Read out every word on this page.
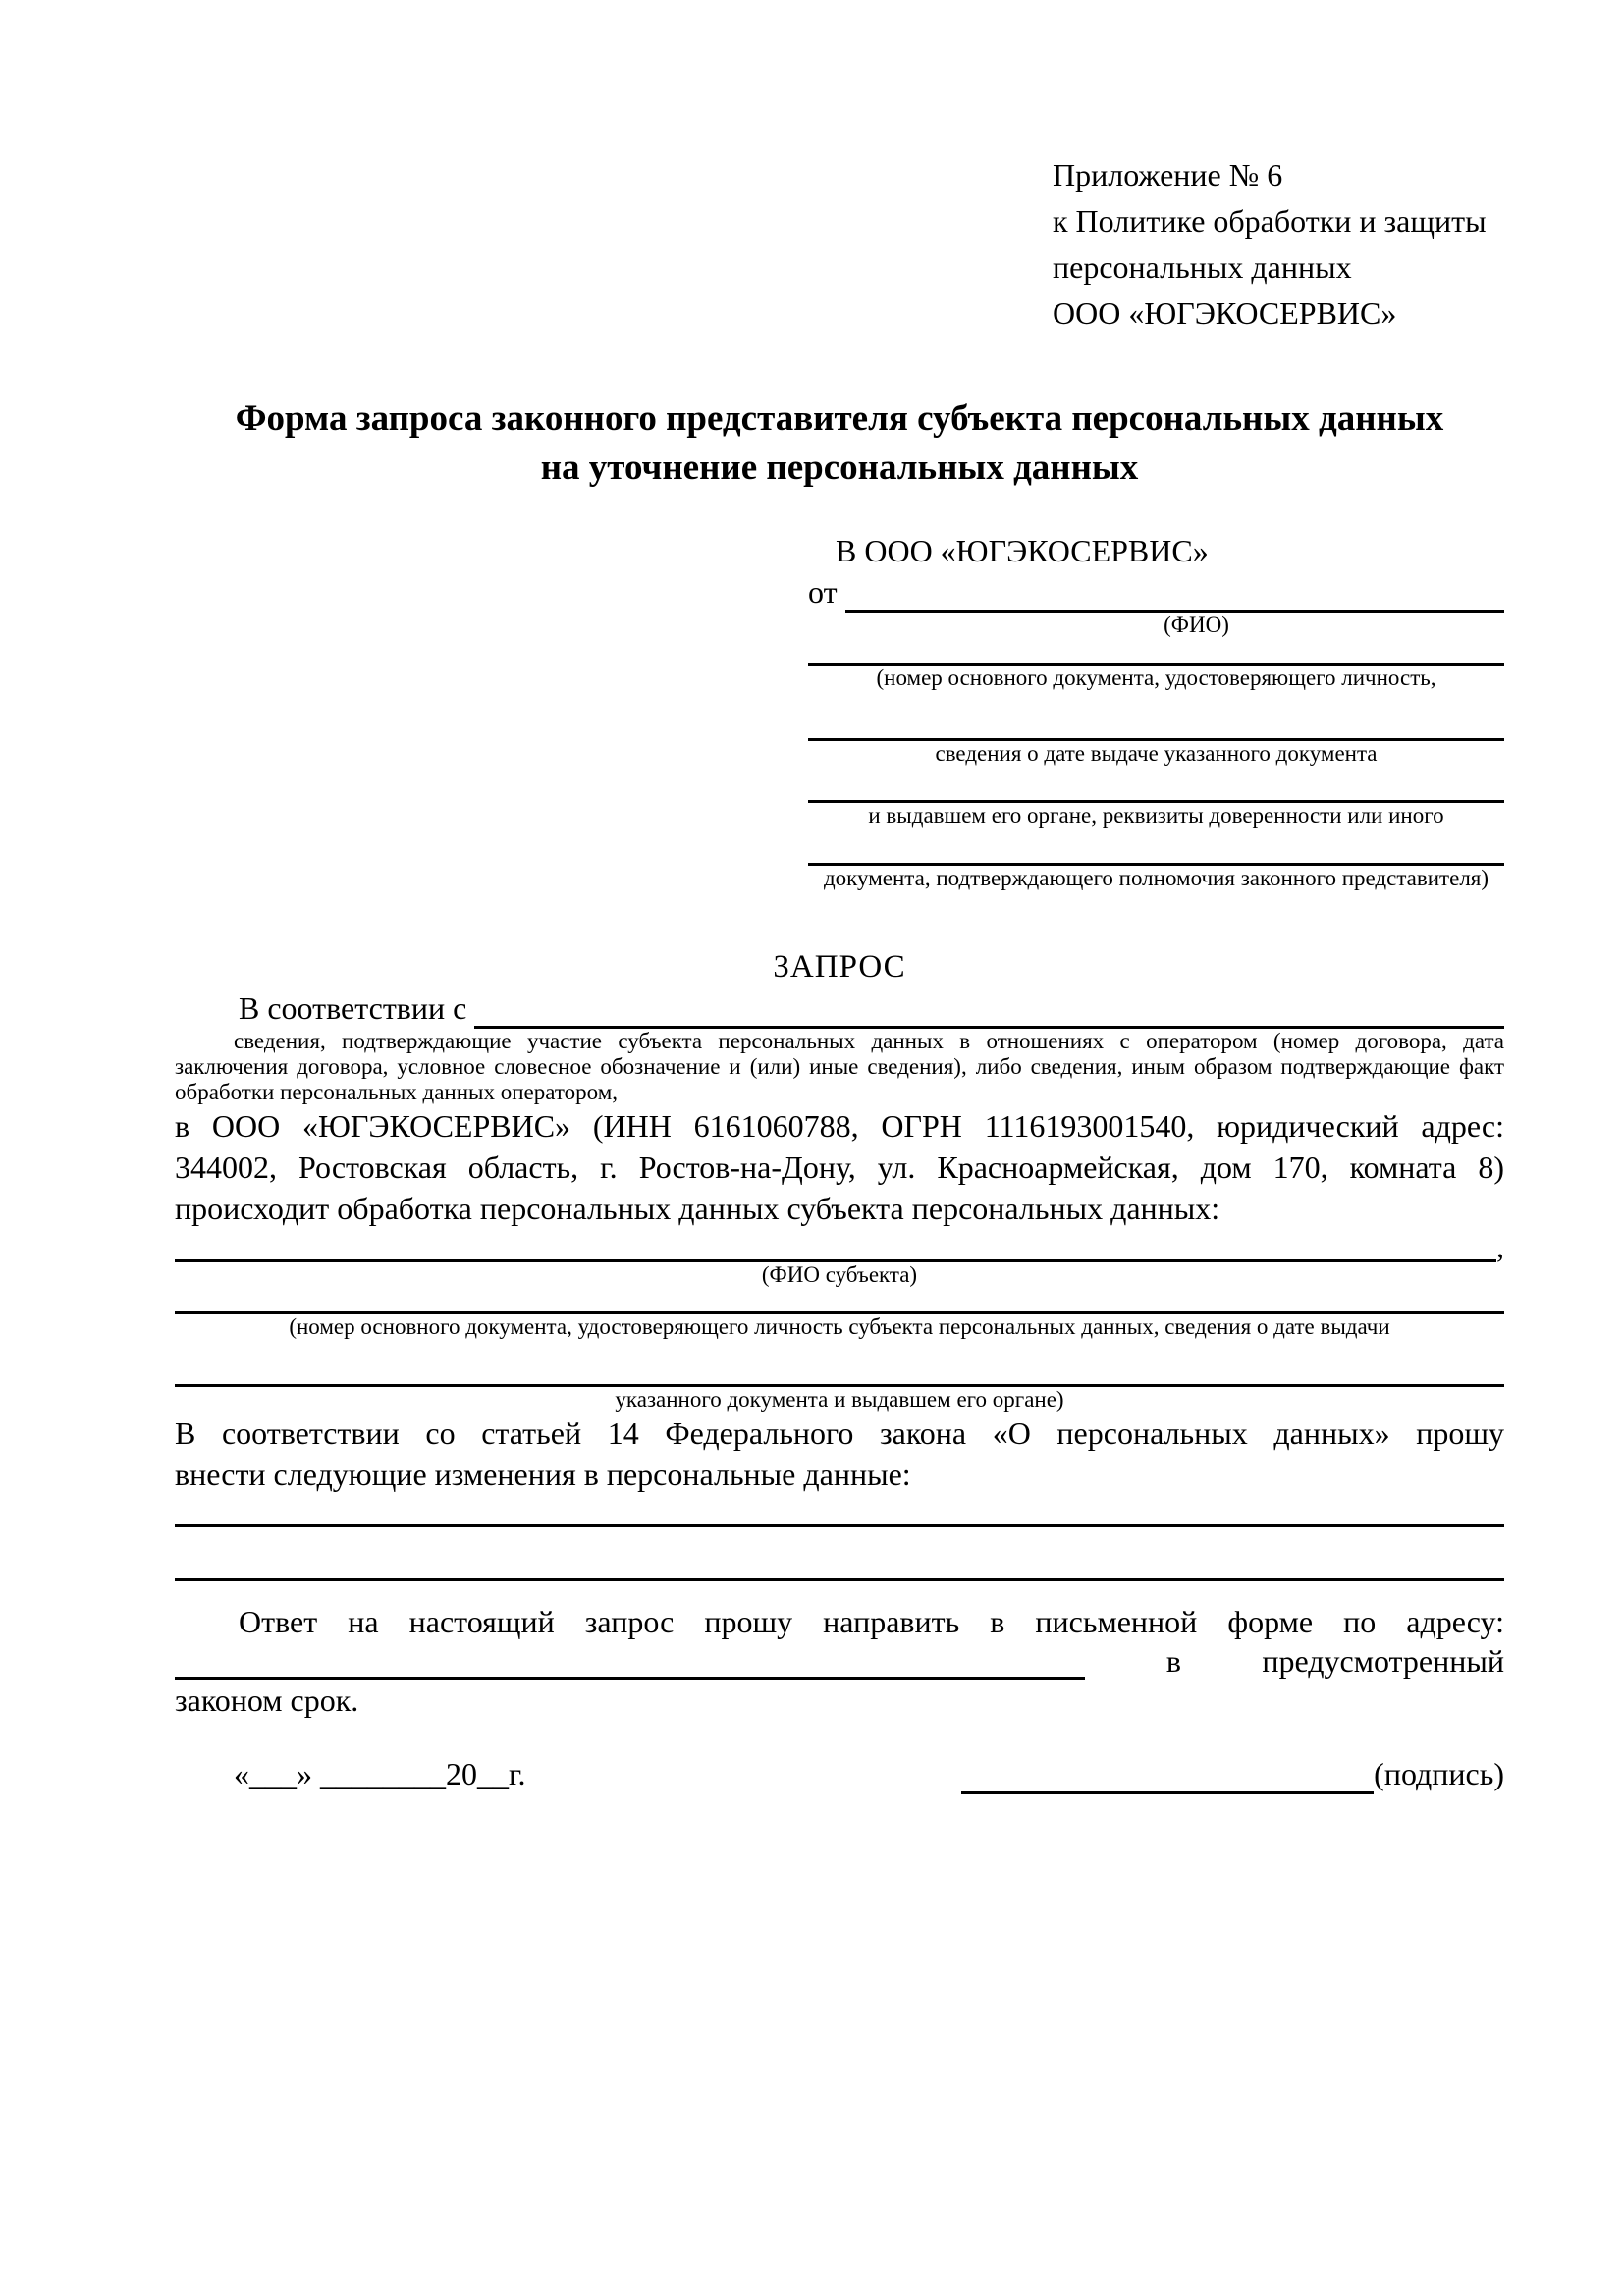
Приложение № 6
к Политике обработки и защиты
персональных данных
ООО «ЮГЭКОСЕРВИС»
Форма запроса законного представителя субъекта персональных данных
на уточнение персональных данных
В ООО «ЮГЭКОСЕРВИС»
от
(ФИО)
(номер основного документа, удостоверяющего личность,
сведения о дате выдаче указанного документа
и выдавшем его органе, реквизиты доверенности или иного
документа, подтверждающего полномочия законного представителя)
ЗАПРОС
В соответствии с
сведения, подтверждающие участие субъекта персональных данных в отношениях с оператором (номер договора, дата
заключения договора, условное словесное обозначение и (или) иные сведения), либо сведения, иным образом подтверждающие факт
обработки персональных данных оператором,
в ООО «ЮГЭКОСЕРВИС» (ИНН 6161060788, ОГРН 1116193001540, юридический адрес:
344002, Ростовская область, г. Ростов-на-Дону, ул. Красноармейская, дом 170, комната 8)
происходит обработка персональных данных субъекта персональных данных:
,
(ФИО субъекта)
(номер основного документа, удостоверяющего личность субъекта персональных данных, сведения о дате выдачи
указанного документа и выдавшем его органе)
В соответствии со статьей 14 Федерального закона «О персональных данных» прошу
внести следующие изменения в персональные данные:
Ответ на настоящий запрос прошу направить в письменной форме по адресу:
в	предусмотренный
законом срок.
«___» ________20__г.	(подпись)
